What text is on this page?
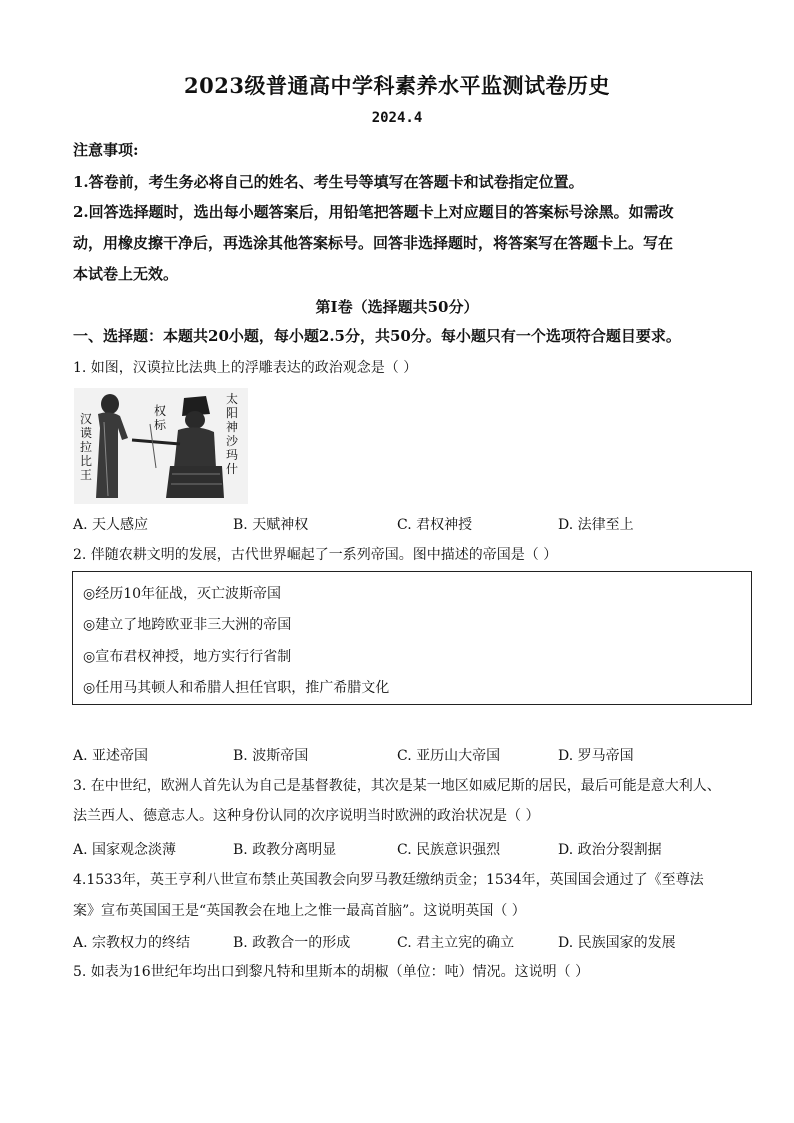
2023级普通高中学科素养水平监测试卷历史
2024.4
注意事项:
1.答卷前，考生务必将自己的姓名、考生号等填写在答题卡和试卷指定位置。
2.回答选择题时，选出每小题答案后，用铅笔把答题卡上对应题目的答案标号涂黑。如需改
动，用橡皮擦干净后，再选涂其他答案标号。回答非选择题时，将答案写在答题卡上。写在
本试卷上无效。
第Ⅰ卷（选择题共50分）
一、选择题：本题共20小题，每小题2.5分，共50分。每小题只有一个选项符合题目要求。
1. 如图，汉谟拉比法典上的浮雕表达的政治观念是（ ）
汉谟拉比王
权标
太阳神沙玛什
A. 天人感应	B. 天赋神权	C. 君权神授	D. 法律至上
2. 伴随农耕文明的发展，古代世界崛起了一系列帝国。图中描述的帝国是（ ）
◎经历10年征战，灭亡波斯帝国
◎建立了地跨欧亚非三大洲的帝国
◎宣布君权神授，地方实行行省制
◎任用马其顿人和希腊人担任官职，推广希腊文化
A. 亚述帝国	B. 波斯帝国	C. 亚历山大帝国	D. 罗马帝国
3. 在中世纪，欧洲人首先认为自己是基督教徒，其次是某一地区如威尼斯的居民，最后可能是意大利人、
法兰西人、德意志人。这种身份认同的次序说明当时欧洲的政治状况是（ ）
A. 国家观念淡薄	B. 政教分离明显	C. 民族意识强烈	D. 政治分裂割据
4.1533年，英王亨利八世宣布禁止英国教会向罗马教廷缴纳贡金；1534年，英国国会通过了《至尊法
案》宣布英国国王是“英国教会在地上之惟一最高首脑”。这说明英国（ ）
A. 宗教权力的终结	B. 政教合一的形成	C. 君主立宪的确立	D. 民族国家的发展
5. 如表为16世纪年均出口到黎凡特和里斯本的胡椒（单位：吨）情况。这说明（ ）
